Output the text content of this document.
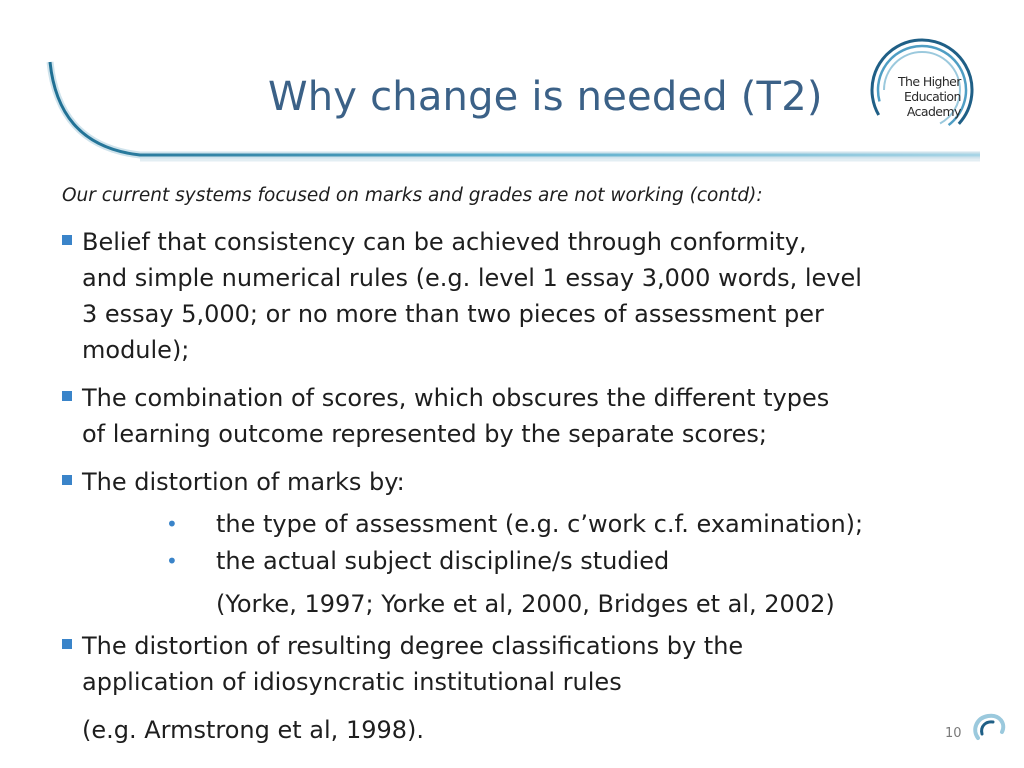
Why change is needed (T2)	The Higher
Education
Academy
Our current systems focused on marks and grades are not working (contd):
Belief that consistency can be achieved through conformity,
and simple numerical rules (e.g. level 1 essay 3,000 words, level
3 essay 5,000; or no more than two pieces of assessment per
module);
The combination of scores, which obscures the different types
of learning outcome represented by the separate scores;
The distortion of marks by:
• the type of assessment (e.g. c’work c.f. examination);
• the actual subject discipline/s studied
(Yorke, 1997; Yorke et al, 2000, Bridges et al, 2002)
The distortion of resulting degree classifications by the
application of idiosyncratic institutional rules
(e.g. Armstrong et al, 1998).	10
